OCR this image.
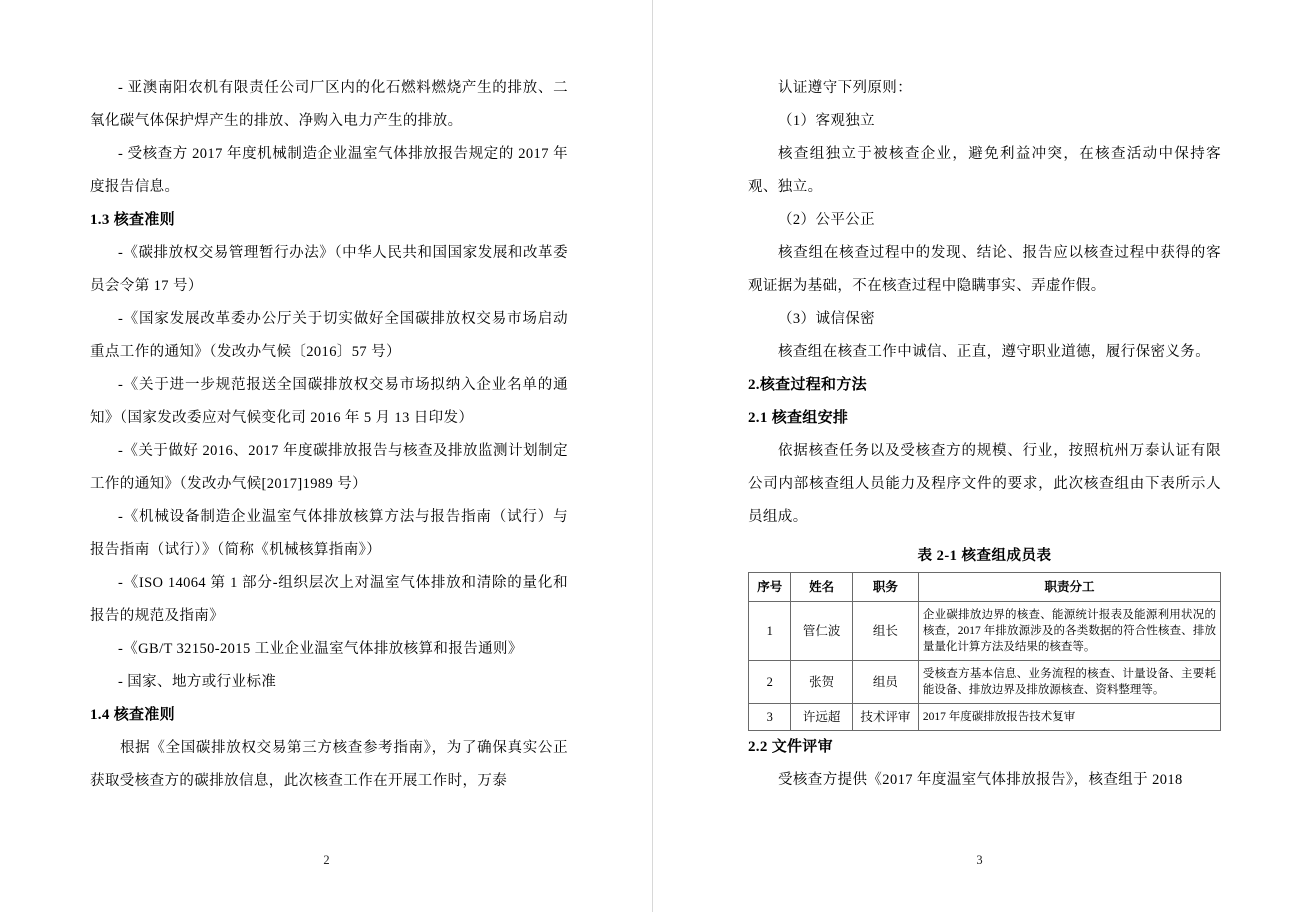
- 亚澳南阳农机有限责任公司厂区内的化石燃料燃烧产生的排放、二氧化碳气体保护焊产生的排放、净购入电力产生的排放。

- 受核查方 2017 年度机械制造企业温室气体排放报告规定的 2017 年度报告信息。

1.3 核查准则

-《碳排放权交易管理暂行办法》（中华人民共和国国家发展和改革委员会令第 17 号）

-《国家发展改革委办公厅关于切实做好全国碳排放权交易市场启动重点工作的通知》（发改办气候〔2016〕57 号）

-《关于进一步规范报送全国碳排放权交易市场拟纳入企业名单的通知》（国家发改委应对气候变化司 2016 年 5 月 13 日印发）

-《关于做好 2016、2017 年度碳排放报告与核查及排放监测计划制定工作的通知》（发改办气候[2017]1989 号）

-《机械设备制造企业温室气体排放核算方法与报告指南（试行）与报告指南（试行）》（简称《机械核算指南》）

-《ISO 14064 第 1 部分-组织层次上对温室气体排放和清除的量化和报告的规范及指南》

-《GB/T 32150-2015 工业企业温室气体排放核算和报告通则》

- 国家、地方或行业标准

1.4 核查准则

根据《全国碳排放权交易第三方核查参考指南》，为了确保真实公正获取受核查方的碳排放信息，此次核查工作在开展工作时，万泰

2

认证遵守下列原则：

（1）客观独立

核查组独立于被核查企业，避免利益冲突，在核查活动中保持客观、独立。

（2）公平公正

核查组在核查过程中的发现、结论、报告应以核查过程中获得的客观证据为基础，不在核查过程中隐瞒事实、弄虚作假。

（3）诚信保密

核查组在核查工作中诚信、正直，遵守职业道德，履行保密义务。

2.核查过程和方法
2.1 核查组安排

依据核查任务以及受核查方的规模、行业，按照杭州万泰认证有限公司内部核查组人员能力及程序文件的要求，此次核查组由下表所示人员组成。

表 2-1 核查组成员表
序号	姓名	职务	职责分工
1	管仁波	组长	企业碳排放边界的核查、能源统计报表及能源利用状况的核查，2017 年排放源涉及的各类数据的符合性核查、排放量量化计算方法及结果的核查等。
2	张贺	组员	受核查方基本信息、业务流程的核查、计量设备、主要耗能设备、排放边界及排放源核查、资料整理等。
3	许远超	技术评审	2017 年度碳排放报告技术复审
2.2 文件评审

受核查方提供《2017 年度温室气体排放报告》，核查组于 2018

3
